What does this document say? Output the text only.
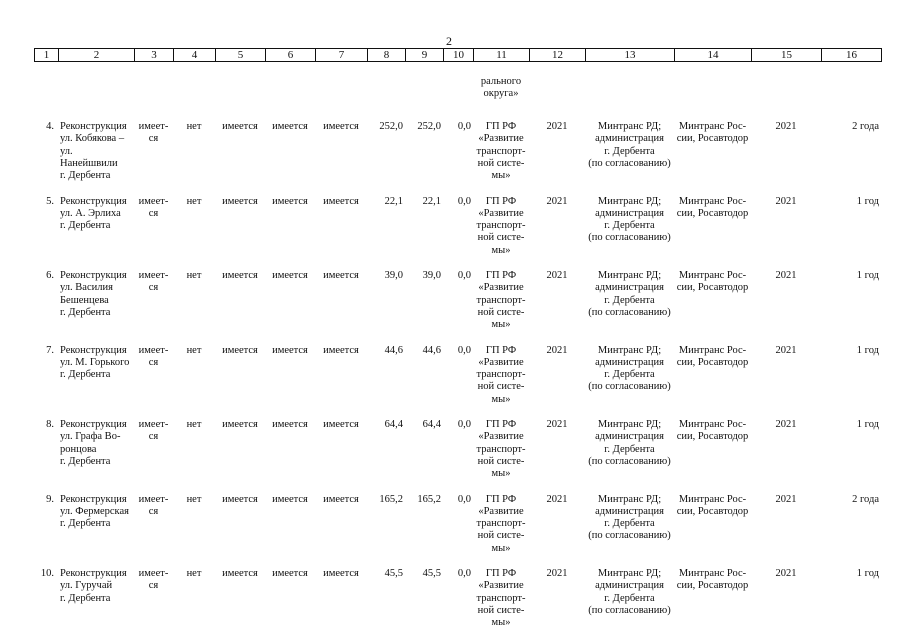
2
1	2	3	4	5	6	7	8	9	10	11	12	13	14	15	16
										рального
округа»					
4.	Реконструкция
ул. Кобякова –
ул. Нанейшвили
г. Дербента	имеет-
ся	нет	имеется	имеется	имеется	252,0	252,0	0,0	ГП РФ
«Развитие
транспорт-
ной систе-
мы»	2021	Минтранс РД;
администрация
г. Дербента
(по согласованию)	Минтранс Рос-
сии, Росавтодор	2021	2 года
5.	Реконструкция
ул. А. Эрлиха
г. Дербента	имеет-
ся	нет	имеется	имеется	имеется	22,1	22,1	0,0	ГП РФ
«Развитие
транспорт-
ной систе-
мы»	2021	Минтранс РД;
администрация
г. Дербента
(по согласованию)	Минтранс Рос-
сии, Росавтодор	2021	1 год
6.	Реконструкция
ул. Василия
Бешенцева
г. Дербента	имеет-
ся	нет	имеется	имеется	имеется	39,0	39,0	0,0	ГП РФ
«Развитие
транспорт-
ной систе-
мы»	2021	Минтранс РД;
администрация
г. Дербента
(по согласованию)	Минтранс Рос-
сии, Росавтодор	2021	1 год
7.	Реконструкция
ул. М. Горького
г. Дербента	имеет-
ся	нет	имеется	имеется	имеется	44,6	44,6	0,0	ГП РФ
«Развитие
транспорт-
ной систе-
мы»	2021	Минтранс РД;
администрация
г. Дербента
(по согласованию)	Минтранс Рос-
сии, Росавтодор	2021	1 год
8.	Реконструкция
ул. Графа Во-
ронцова
г. Дербента	имеет-
ся	нет	имеется	имеется	имеется	64,4	64,4	0,0	ГП РФ
«Развитие
транспорт-
ной систе-
мы»	2021	Минтранс РД;
администрация
г. Дербента
(по согласованию)	Минтранс Рос-
сии, Росавтодор	2021	1 год
9.	Реконструкция
ул. Фермерская
г. Дербента	имеет-
ся	нет	имеется	имеется	имеется	165,2	165,2	0,0	ГП РФ
«Развитие
транспорт-
ной систе-
мы»	2021	Минтранс РД;
администрация
г. Дербента
(по согласованию)	Минтранс Рос-
сии, Росавтодор	2021	2 года
10.	Реконструкция
ул. Гуручай
г. Дербента	имеет-
ся	нет	имеется	имеется	имеется	45,5	45,5	0,0	ГП РФ
«Развитие
транспорт-
ной систе-
мы»	2021	Минтранс РД;
администрация
г. Дербента
(по согласованию)	Минтранс Рос-
сии, Росавтодор	2021	1 год
